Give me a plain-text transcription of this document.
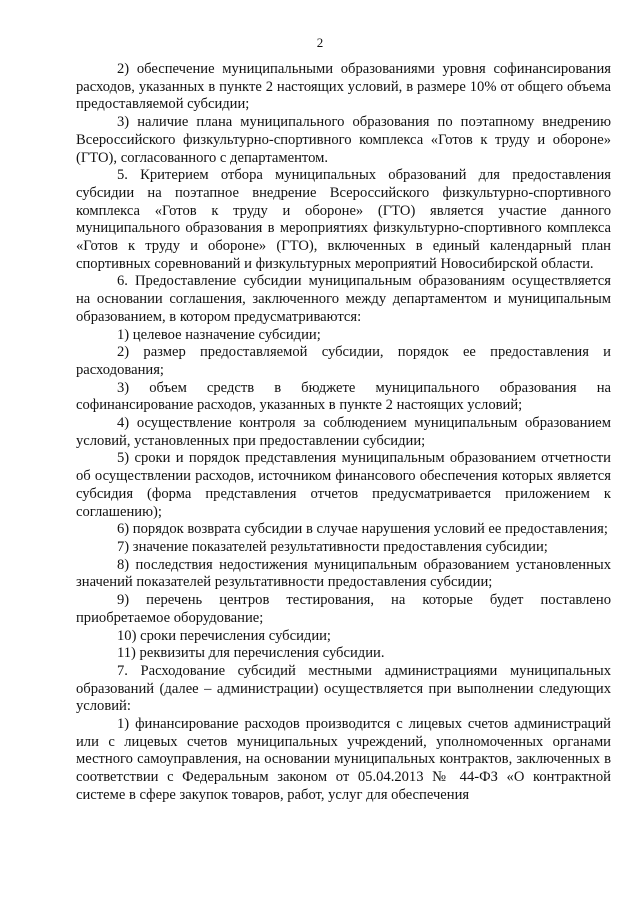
2

2) обеспечение муниципальными образованиями уровня софинансирования расходов, указанных в пункте 2 настоящих условий, в размере 10% от общего объема предоставляемой субсидии;

3) наличие плана муниципального образования по поэтапному внедрению Всероссийского физкультурно-спортивного комплекса «Готов к труду и обороне» (ГТО), согласованного с департаментом.

5. Критерием отбора муниципальных образований для предоставления субсидии на поэтапное внедрение Всероссийского физкультурно-спортивного комплекса «Готов к труду и обороне» (ГТО) является участие данного муниципального образования в мероприятиях физкультурно-спортивного комплекса «Готов к труду и обороне» (ГТО), включенных в единый календарный план спортивных соревнований и физкультурных мероприятий Новосибирской области.

6. Предоставление субсидии муниципальным образованиям осуществляется на основании соглашения, заключенного между департаментом и муниципальным образованием, в котором предусматриваются:

1) целевое назначение субсидии;

2) размер предоставляемой субсидии, порядок ее предоставления и расходования;

3) объем средств в бюджете муниципального образования на софинансирование расходов, указанных в пункте 2 настоящих условий;

4) осуществление контроля за соблюдением муниципальным образованием условий, установленных при предоставлении субсидии;

5) сроки и порядок представления муниципальным образованием отчетности об осуществлении расходов, источником финансового обеспечения которых является субсидия (форма представления отчетов предусматривается приложением к соглашению);

6) порядок возврата субсидии в случае нарушения условий ее предоставления;

7) значение показателей результативности предоставления субсидии;

8) последствия недостижения муниципальным образованием установленных значений показателей результативности предоставления субсидии;

9) перечень центров тестирования, на которые будет поставлено приобретаемое оборудование;

10) сроки перечисления субсидии;

11) реквизиты для перечисления субсидии.

7. Расходование субсидий местными администрациями муниципальных образований (далее – администрации) осуществляется при выполнении следующих условий:

1) финансирование расходов производится с лицевых счетов администраций или с лицевых счетов муниципальных учреждений, уполномоченных органами местного самоуправления, на основании муниципальных контрактов, заключенных в соответствии с Федеральным законом от 05.04.2013 № 44-ФЗ «О контрактной системе в сфере закупок товаров, работ, услуг для обеспечения
